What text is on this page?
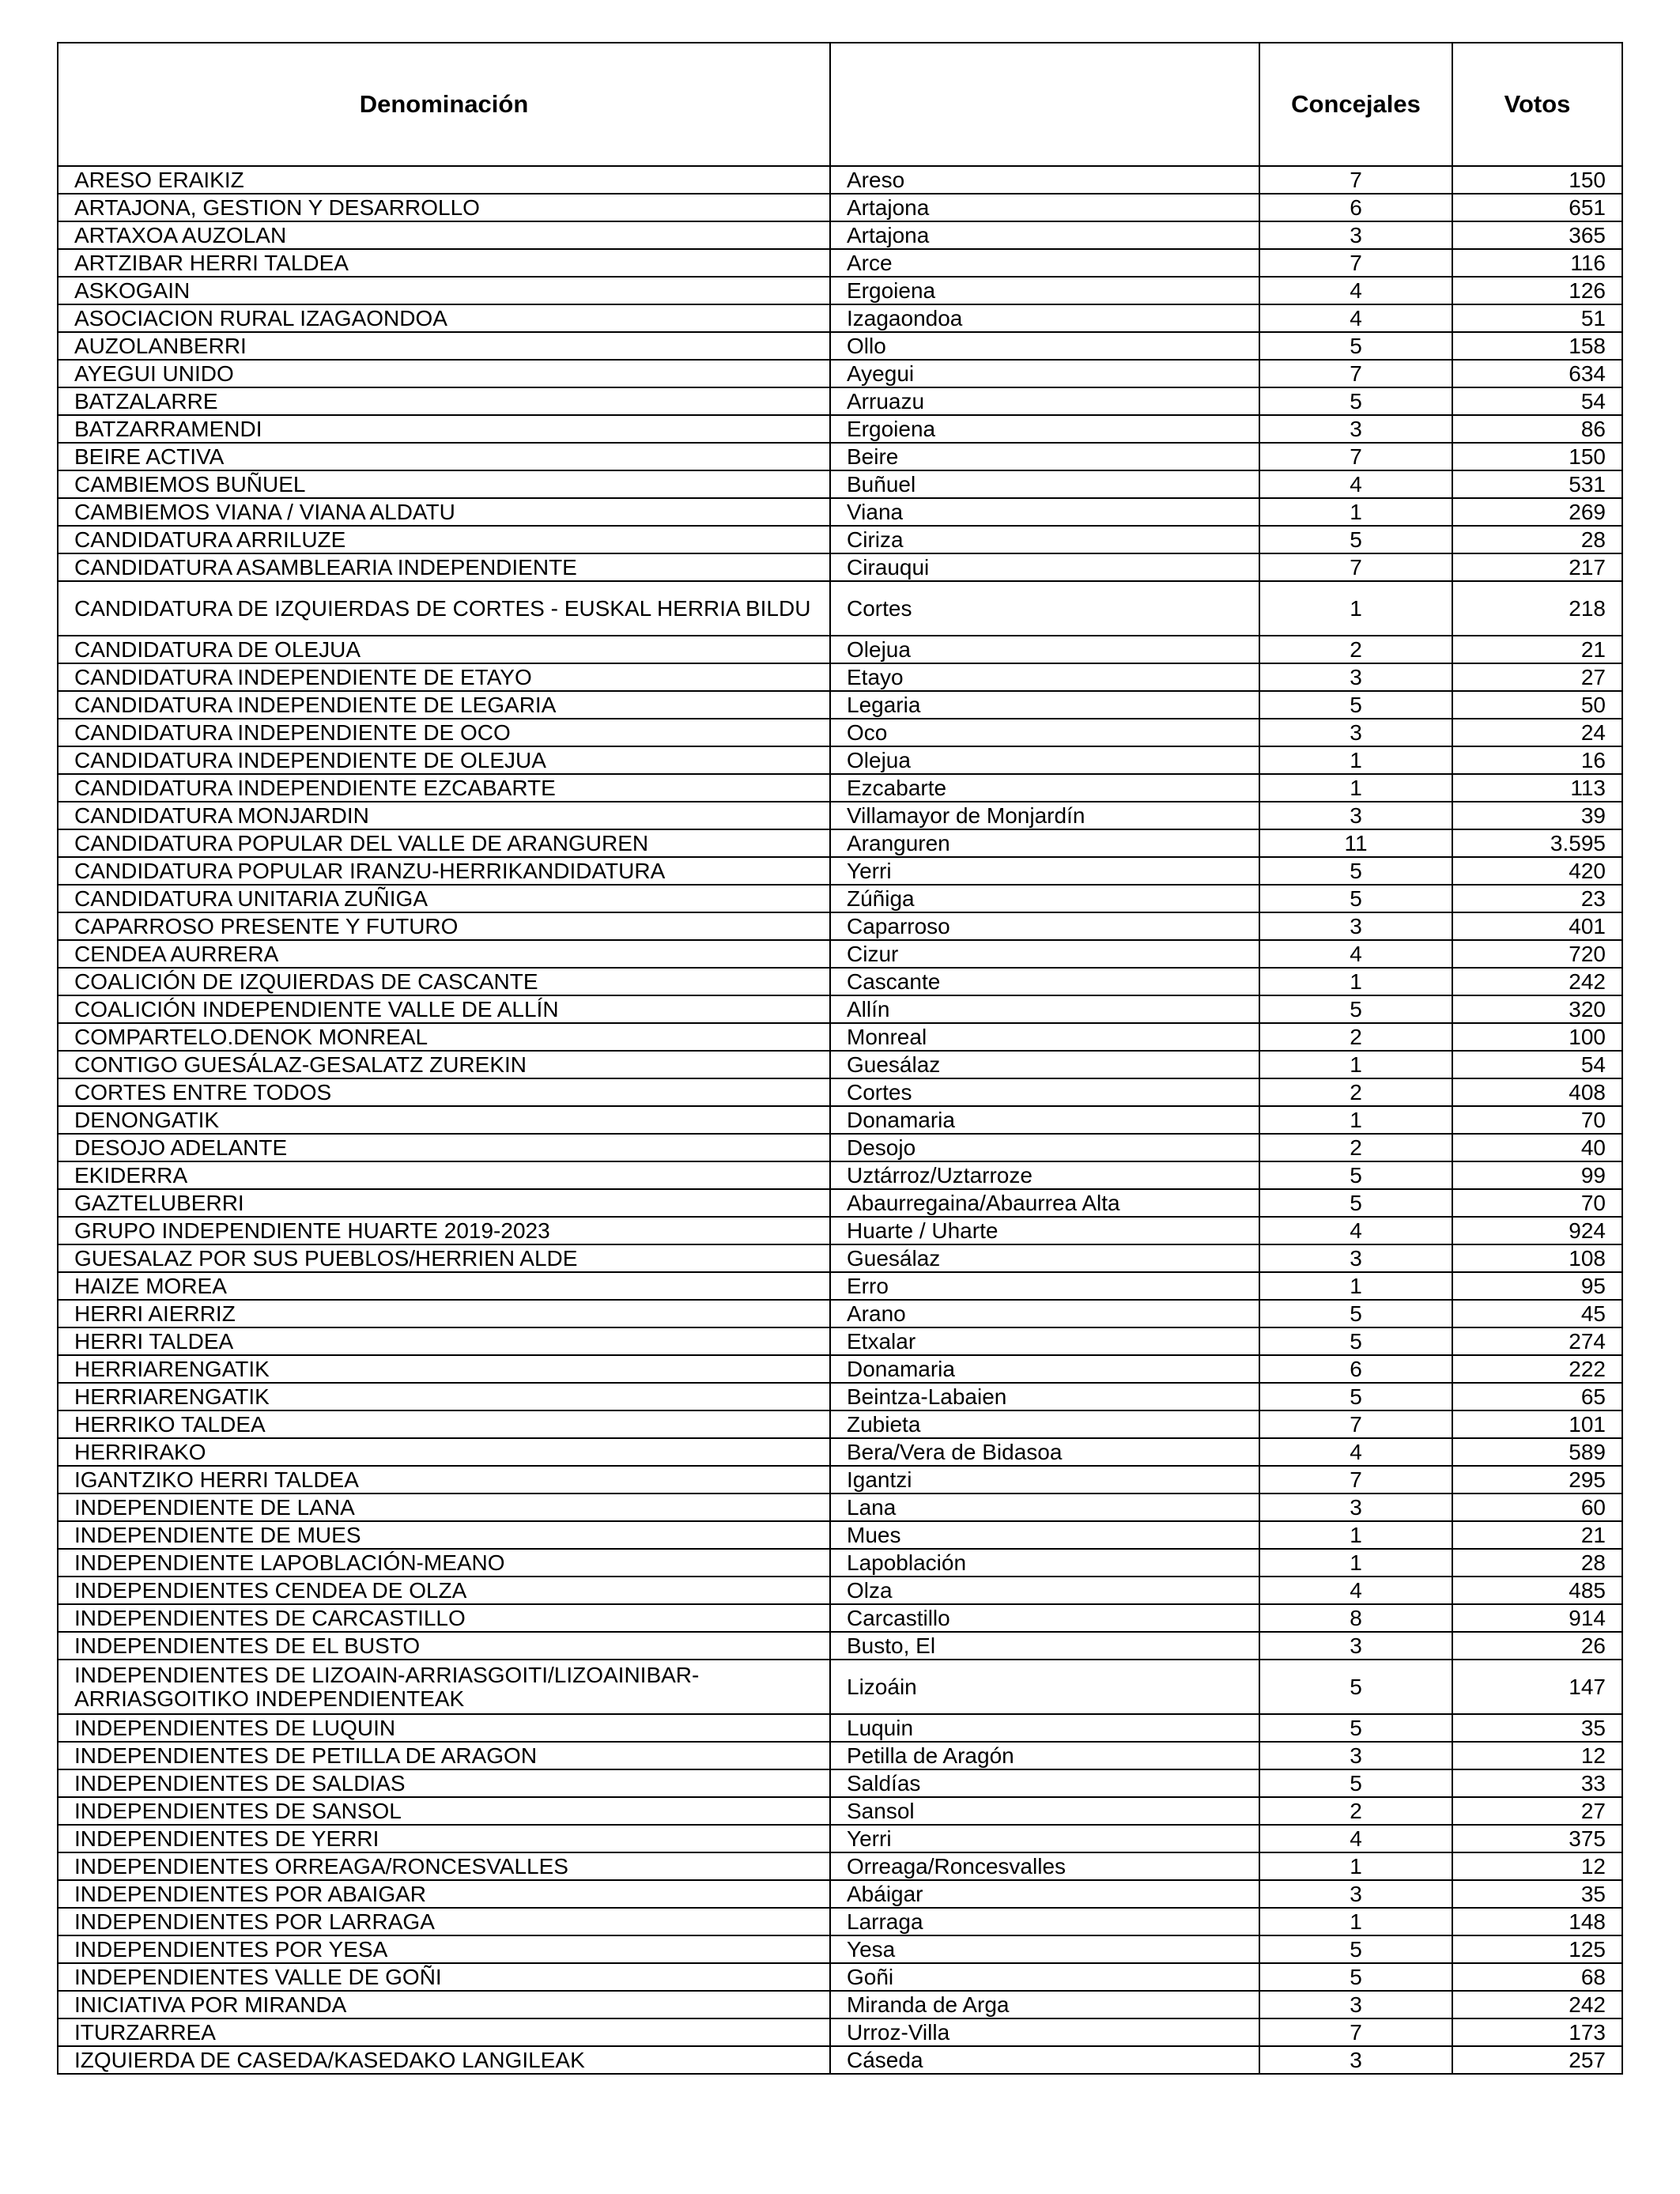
Denominación		Concejales	Votos
ARESO ERAIKIZ	Areso	7	150
ARTAJONA, GESTION Y DESARROLLO	Artajona	6	651
ARTAXOA AUZOLAN	Artajona	3	365
ARTZIBAR HERRI TALDEA	Arce	7	116
ASKOGAIN	Ergoiena	4	126
ASOCIACION RURAL IZAGAONDOA	Izagaondoa	4	51
AUZOLANBERRI	Ollo	5	158
AYEGUI UNIDO	Ayegui	7	634
BATZALARRE	Arruazu	5	54
BATZARRAMENDI	Ergoiena	3	86
BEIRE ACTIVA	Beire	7	150
CAMBIEMOS BUÑUEL	Buñuel	4	531
CAMBIEMOS VIANA / VIANA ALDATU	Viana	1	269
CANDIDATURA ARRILUZE	Ciriza	5	28
CANDIDATURA ASAMBLEARIA INDEPENDIENTE	Cirauqui	7	217
CANDIDATURA DE IZQUIERDAS DE CORTES - EUSKAL HERRIA BILDU	Cortes	1	218
CANDIDATURA DE OLEJUA	Olejua	2	21
CANDIDATURA INDEPENDIENTE DE ETAYO	Etayo	3	27
CANDIDATURA INDEPENDIENTE DE LEGARIA	Legaria	5	50
CANDIDATURA INDEPENDIENTE DE OCO	Oco	3	24
CANDIDATURA INDEPENDIENTE DE OLEJUA	Olejua	1	16
CANDIDATURA INDEPENDIENTE EZCABARTE	Ezcabarte	1	113
CANDIDATURA MONJARDIN	Villamayor de Monjardín	3	39
CANDIDATURA POPULAR DEL VALLE DE ARANGUREN	Aranguren	11	3.595
CANDIDATURA POPULAR IRANZU-HERRIKANDIDATURA	Yerri	5	420
CANDIDATURA UNITARIA ZUÑIGA	Zúñiga	5	23
CAPARROSO PRESENTE Y FUTURO	Caparroso	3	401
CENDEA AURRERA	Cizur	4	720
COALICIÓN DE IZQUIERDAS DE CASCANTE	Cascante	1	242
COALICIÓN INDEPENDIENTE VALLE DE ALLÍN	Allín	5	320
COMPARTELO.DENOK MONREAL	Monreal	2	100
CONTIGO GUESÁLAZ-GESALATZ ZUREKIN	Guesálaz	1	54
CORTES ENTRE TODOS	Cortes	2	408
DENONGATIK	Donamaria	1	70
DESOJO ADELANTE	Desojo	2	40
EKIDERRA	Uztárroz/Uztarroze	5	99
GAZTELUBERRI	Abaurregaina/Abaurrea Alta	5	70
GRUPO INDEPENDIENTE HUARTE 2019-2023	Huarte / Uharte	4	924
GUESALAZ POR SUS PUEBLOS/HERRIEN ALDE	Guesálaz	3	108
HAIZE MOREA	Erro	1	95
HERRI AIERRIZ	Arano	5	45
HERRI TALDEA	Etxalar	5	274
HERRIARENGATIK	Donamaria	6	222
HERRIARENGATIK	Beintza-Labaien	5	65
HERRIKO TALDEA	Zubieta	7	101
HERRIRAKO	Bera/Vera de Bidasoa	4	589
IGANTZIKO HERRI TALDEA	Igantzi	7	295
INDEPENDIENTE DE LANA	Lana	3	60
INDEPENDIENTE DE MUES	Mues	1	21
INDEPENDIENTE LAPOBLACIÓN-MEANO	Lapoblación	1	28
INDEPENDIENTES CENDEA DE OLZA	Olza	4	485
INDEPENDIENTES DE CARCASTILLO	Carcastillo	8	914
INDEPENDIENTES DE EL BUSTO	Busto, El	3	26
INDEPENDIENTES DE LIZOAIN-ARRIASGOITI/LIZOAINIBAR-ARRIASGOITIKO INDEPENDIENTEAK	Lizoáin	5	147
INDEPENDIENTES DE LUQUIN	Luquin	5	35
INDEPENDIENTES DE PETILLA DE ARAGON	Petilla de Aragón	3	12
INDEPENDIENTES DE SALDIAS	Saldías	5	33
INDEPENDIENTES DE SANSOL	Sansol	2	27
INDEPENDIENTES DE YERRI	Yerri	4	375
INDEPENDIENTES ORREAGA/RONCESVALLES	Orreaga/Roncesvalles	1	12
INDEPENDIENTES POR ABAIGAR	Abáigar	3	35
INDEPENDIENTES POR LARRAGA	Larraga	1	148
INDEPENDIENTES POR YESA	Yesa	5	125
INDEPENDIENTES VALLE DE GOÑI	Goñi	5	68
INICIATIVA POR MIRANDA	Miranda de Arga	3	242
ITURZARREA	Urroz-Villa	7	173
IZQUIERDA DE CASEDA/KASEDAKO LANGILEAK	Cáseda	3	257
